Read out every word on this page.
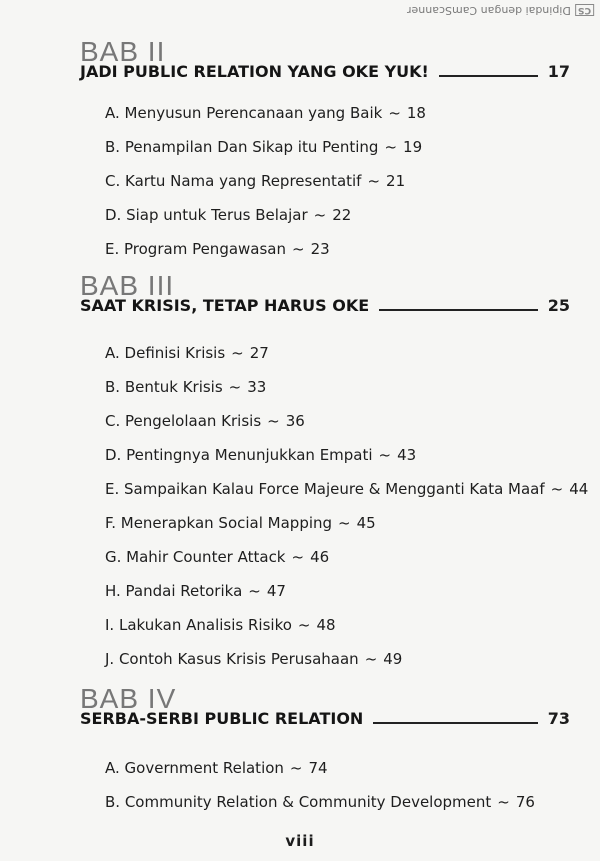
CS
Dipindai dengan CamScanner
BAB II
JADI PUBLIC RELATION YANG OKE YUK!	17
A. Menyusun Perencanaan yang Baik ~ 18
B. Penampilan Dan Sikap itu Penting ~ 19
C. Kartu Nama yang Representatif ~ 21
D. Siap untuk Terus Belajar ~ 22
E. Program Pengawasan ~ 23
BAB III
SAAT KRISIS, TETAP HARUS OKE	25
A. Definisi Krisis ~ 27
B. Bentuk Krisis ~ 33
C. Pengelolaan Krisis ~ 36
D. Pentingnya Menunjukkan Empati ~ 43
E. Sampaikan Kalau Force Majeure & Mengganti Kata Maaf ~ 44
F. Menerapkan Social Mapping ~ 45
G. Mahir Counter Attack ~ 46
H. Pandai Retorika ~ 47
I. Lakukan Analisis Risiko ~ 48
J. Contoh Kasus Krisis Perusahaan ~ 49
BAB IV
SERBA-SERBI PUBLIC RELATION	73
A. Government Relation ~ 74
B. Community Relation & Community Development ~ 76
viii
